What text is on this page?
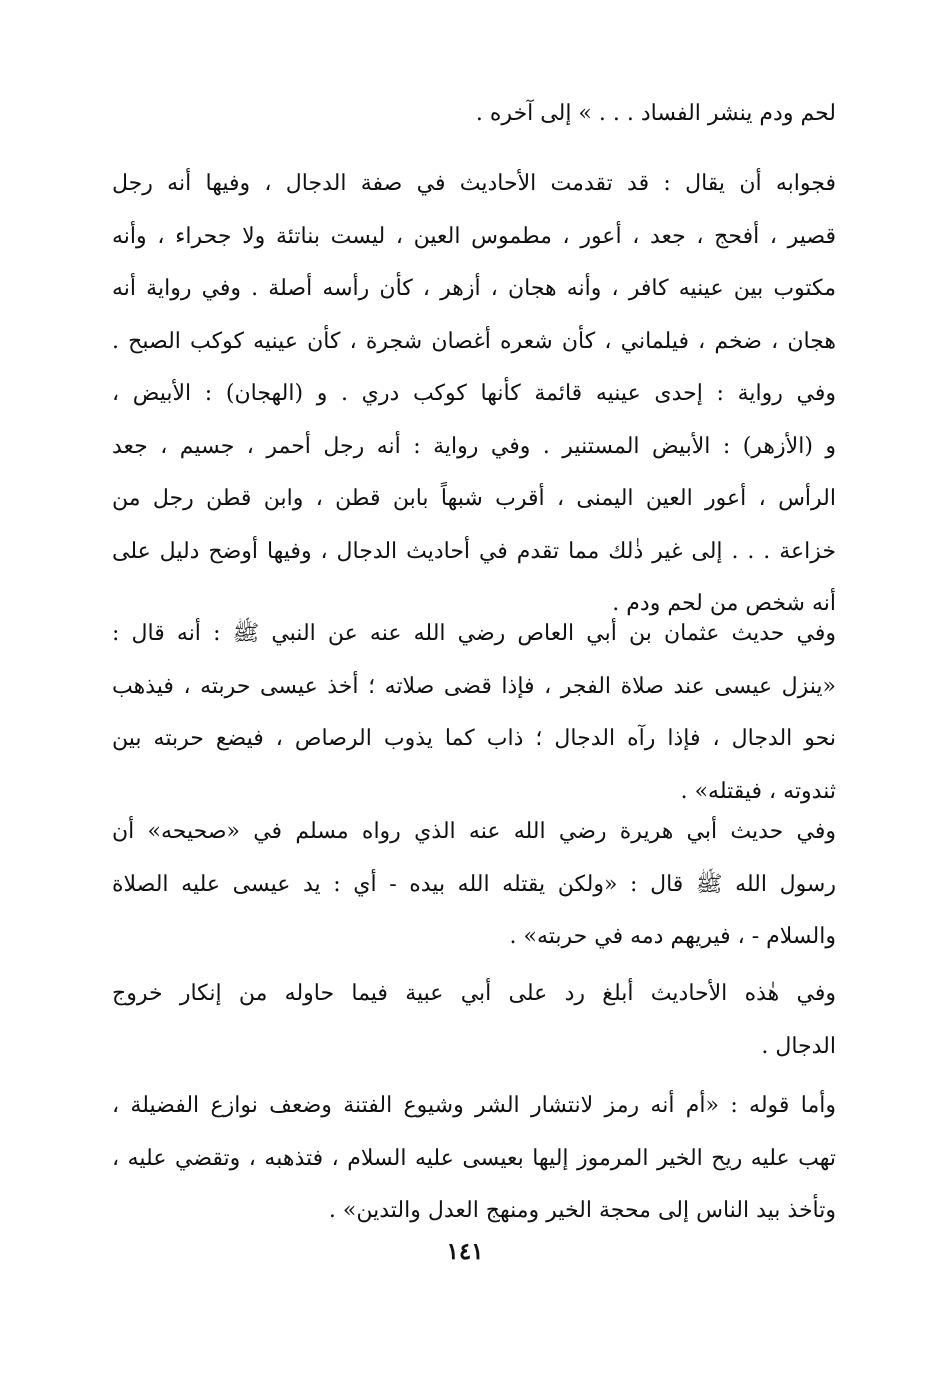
لحم ودم ينشر الفساد . . . » إلى آخره .
فجوابه أن يقال : قد تقدمت الأحاديث في صفة الدجال ، وفيها أنه رجل
قصير ، أفحج ، جعد ، أعور ، مطموس العين ، ليست بناتئة ولا جحراء ، وأنه
مكتوب بين عينيه كافر ، وأنه هجان ، أزهر ، كأن رأسه أصلة . وفي رواية أنه
هجان ، ضخم ، فيلماني ، كأن شعره أغصان شجرة ، كأن عينيه كوكب الصبح .
وفي رواية : إحدى عينيه قائمة كأنها كوكب دري . و (الهجان) : الأبيض ،
و (الأزهر) : الأبيض المستنير . وفي رواية : أنه رجل أحمر ، جسيم ، جعد
الرأس ، أعور العين اليمنى ، أقرب شبهاً بابن قطن ، وابن قطن رجل من
خزاعة . . . إلى غير ذٰلك مما تقدم في أحاديث الدجال ، وفيها أوضح دليل على
أنه شخص من لحم ودم .
وفي حديث عثمان بن أبي العاص رضي الله عنه عن النبي ﷺ : أنه قال :
«ينزل عيسى عند صلاة الفجر ، فإذا قضى صلاته ؛ أخذ عيسى حربته ، فيذهب
نحو الدجال ، فإذا رآه الدجال ؛ ذاب كما يذوب الرصاص ، فيضع حربته بين
ثندوته ، فيقتله» .
وفي حديث أبي هريرة رضي الله عنه الذي رواه مسلم في «صحيحه» أن
رسول الله ﷺ قال : «ولكن يقتله الله بيده - أي : يد عيسى عليه الصلاة
والسلام - ، فيريهم دمه في حربته» .
وفي هٰذه الأحاديث أبلغ رد على أبي عبية فيما حاوله من إنكار خروج
الدجال .
وأما قوله : «أم أنه رمز لانتشار الشر وشيوع الفتنة وضعف نوازع الفضيلة ،
تهب عليه ريح الخير المرموز إليها بعيسى عليه السلام ، فتذهبه ، وتقضي عليه ،
وتأخذ بيد الناس إلى محجة الخير ومنهج العدل والتدين» .
١٤١
